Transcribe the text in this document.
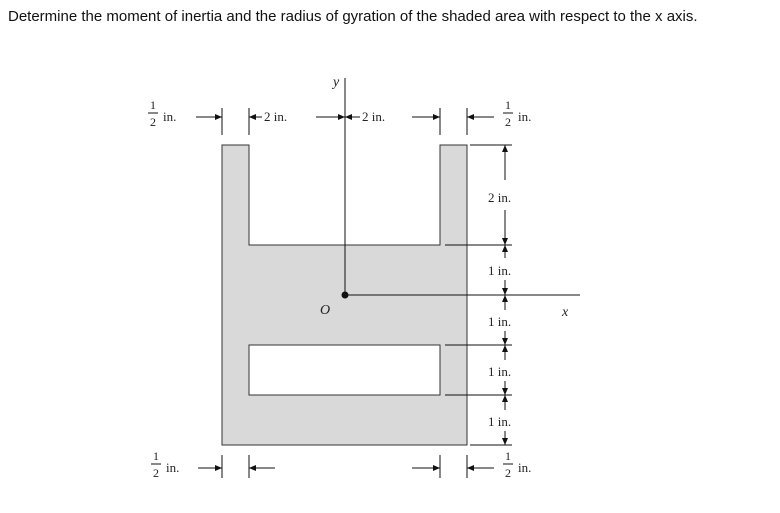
Determine the moment of inertia and the radius of gyration of the shaded area with respect to the x axis.
y
x
O
1
2 in.	2 in.	2 in.
1
2 in.
1
2 in.
1
2 in.
2 in.
1 in.
1 in.
1 in.
1 in.
